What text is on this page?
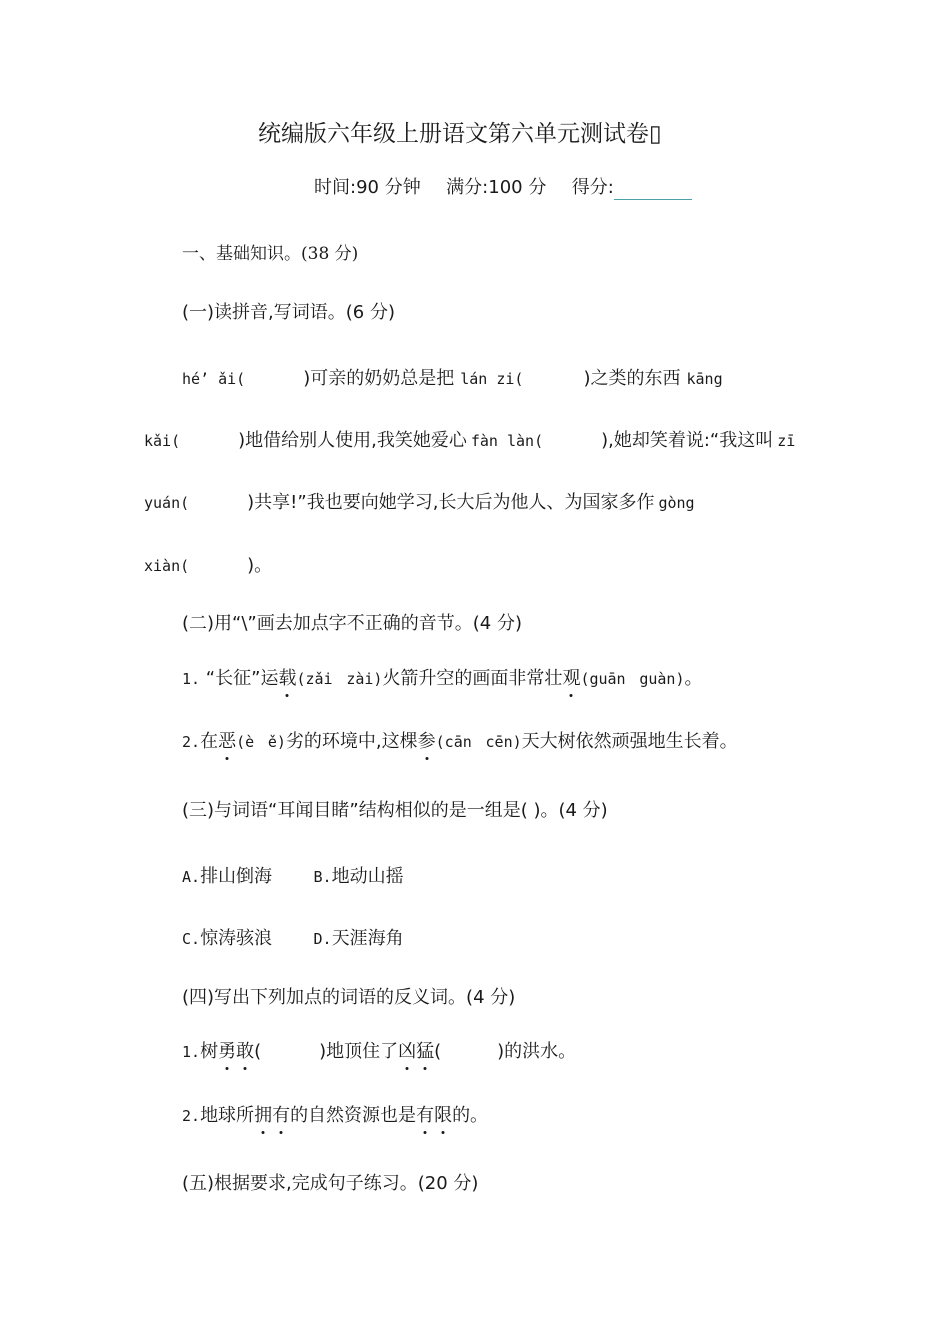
统编版六年级上册语文第六单元测试卷▯
时间:90 分钟 满分:100 分 得分:
一、基础知识。(38 分)
(一)读拼音,写词语。(6 分)
hé’ ǎi(	)可亲的奶奶总是把 lán zi(	)之类的东西 kāng
kǎi(	)地借给别人使用,我笑她爱心 fàn làn(	),她却笑着说:“我这叫 zī
yuán(	)共享!”我也要向她学习,长大后为他人、为国家多作 gòng
xiàn(	)。
(二)用“\”画去加点字不正确的音节。(4 分)
1. “长征”运载(zǎi zài)火箭升空的画面非常壮观(guān guàn)。
2.在恶(è ě)劣的环境中,这棵参(cān cēn)天大树依然顽强地生长着。
(三)与词语“耳闻目睹”结构相似的是一组是( )。(4 分)
A.排山倒海	B.地动山摇
C.惊涛骇浪	D.天涯海角
(四)写出下列加点的词语的反义词。(4 分)
1.树勇敢(	)地顶住了凶猛(	)的洪水。
2.地球所拥有的自然资源也是有限的。
(五)根据要求,完成句子练习。(20 分)
